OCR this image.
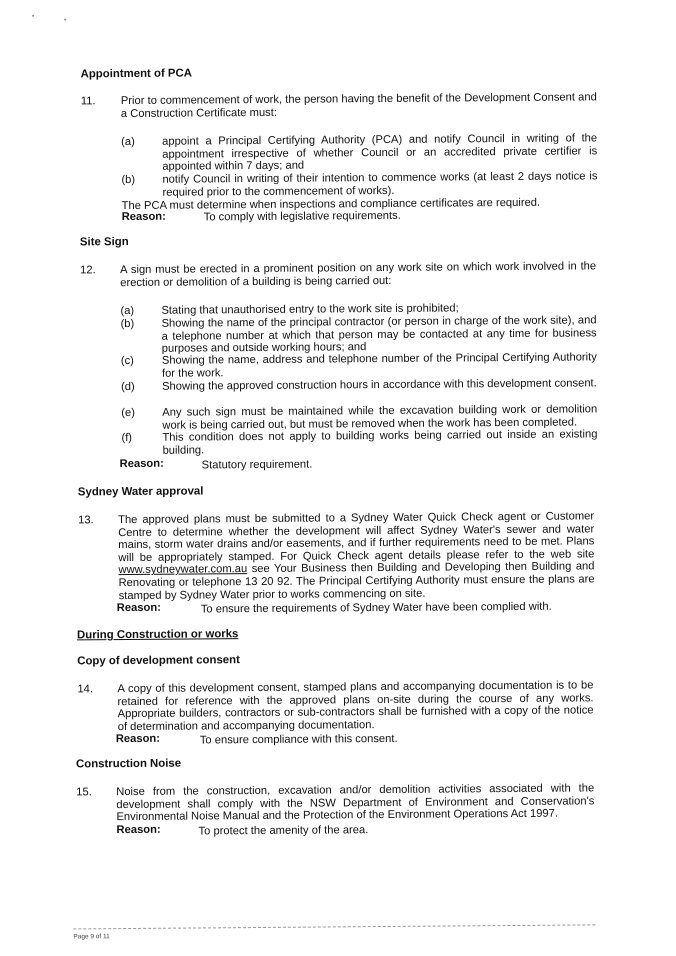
Appointment of PCA
11. Prior to commencement of work, the person having the benefit of the Development Consent and a Construction Certificate must:
(a) appoint a Principal Certifying Authority (PCA) and notify Council in writing of the appointment irrespective of whether Council or an accredited private certifier is appointed within 7 days; and
(b) notify Council in writing of their intention to commence works (at least 2 days notice is required prior to the commencement of works).
The PCA must determine when inspections and compliance certificates are required.
Reason:	To comply with legislative requirements.
Site Sign
12. A sign must be erected in a prominent position on any work site on which work involved in the erection or demolition of a building is being carried out:
(a) Stating that unauthorised entry to the work site is prohibited;
(b) Showing the name of the principal contractor (or person in charge of the work site), and a telephone number at which that person may be contacted at any time for business purposes and outside working hours; and
(c) Showing the name, address and telephone number of the Principal Certifying Authority for the work.
(d) Showing the approved construction hours in accordance with this development consent.
(e) Any such sign must be maintained while the excavation building work or demolition work is being carried out, but must be removed when the work has been completed.
(f)	This condition does not apply to building works being carried out inside an existing building.
Reason:	Statutory requirement.
Sydney Water approval
13. The approved plans must be submitted to a Sydney Water Quick Check agent or Customer Centre to determine whether the development will affect Sydney Water's sewer and water mains, storm water drains and/or easements, and if further requirements need to be met. Plans will be appropriately stamped. For Quick Check agent details please refer to the web site www.sydneywater.com.au see Your Business then Building and Developing then Building and Renovating or telephone 13 20 92. The Principal Certifying Authority must ensure the plans are stamped by Sydney Water prior to works commencing on site.
Reason:	To ensure the requirements of Sydney Water have been complied with.
During Construction or works
Copy of development consent
14. A copy of this development consent, stamped plans and accompanying documentation is to be retained for reference with the approved plans on-site during the course of any works. Appropriate builders, contractors or sub-contractors shall be furnished with a copy of the notice of determination and accompanying documentation.
Reason:	To ensure compliance with this consent.
Construction Noise
15. Noise from the construction, excavation and/or demolition activities associated with the development shall comply with the NSW Department of Environment and Conservation's Environmental Noise Manual and the Protection of the Environment Operations Act 1997.
Reason:	To protect the amenity of the area.
Page 9 of 11
